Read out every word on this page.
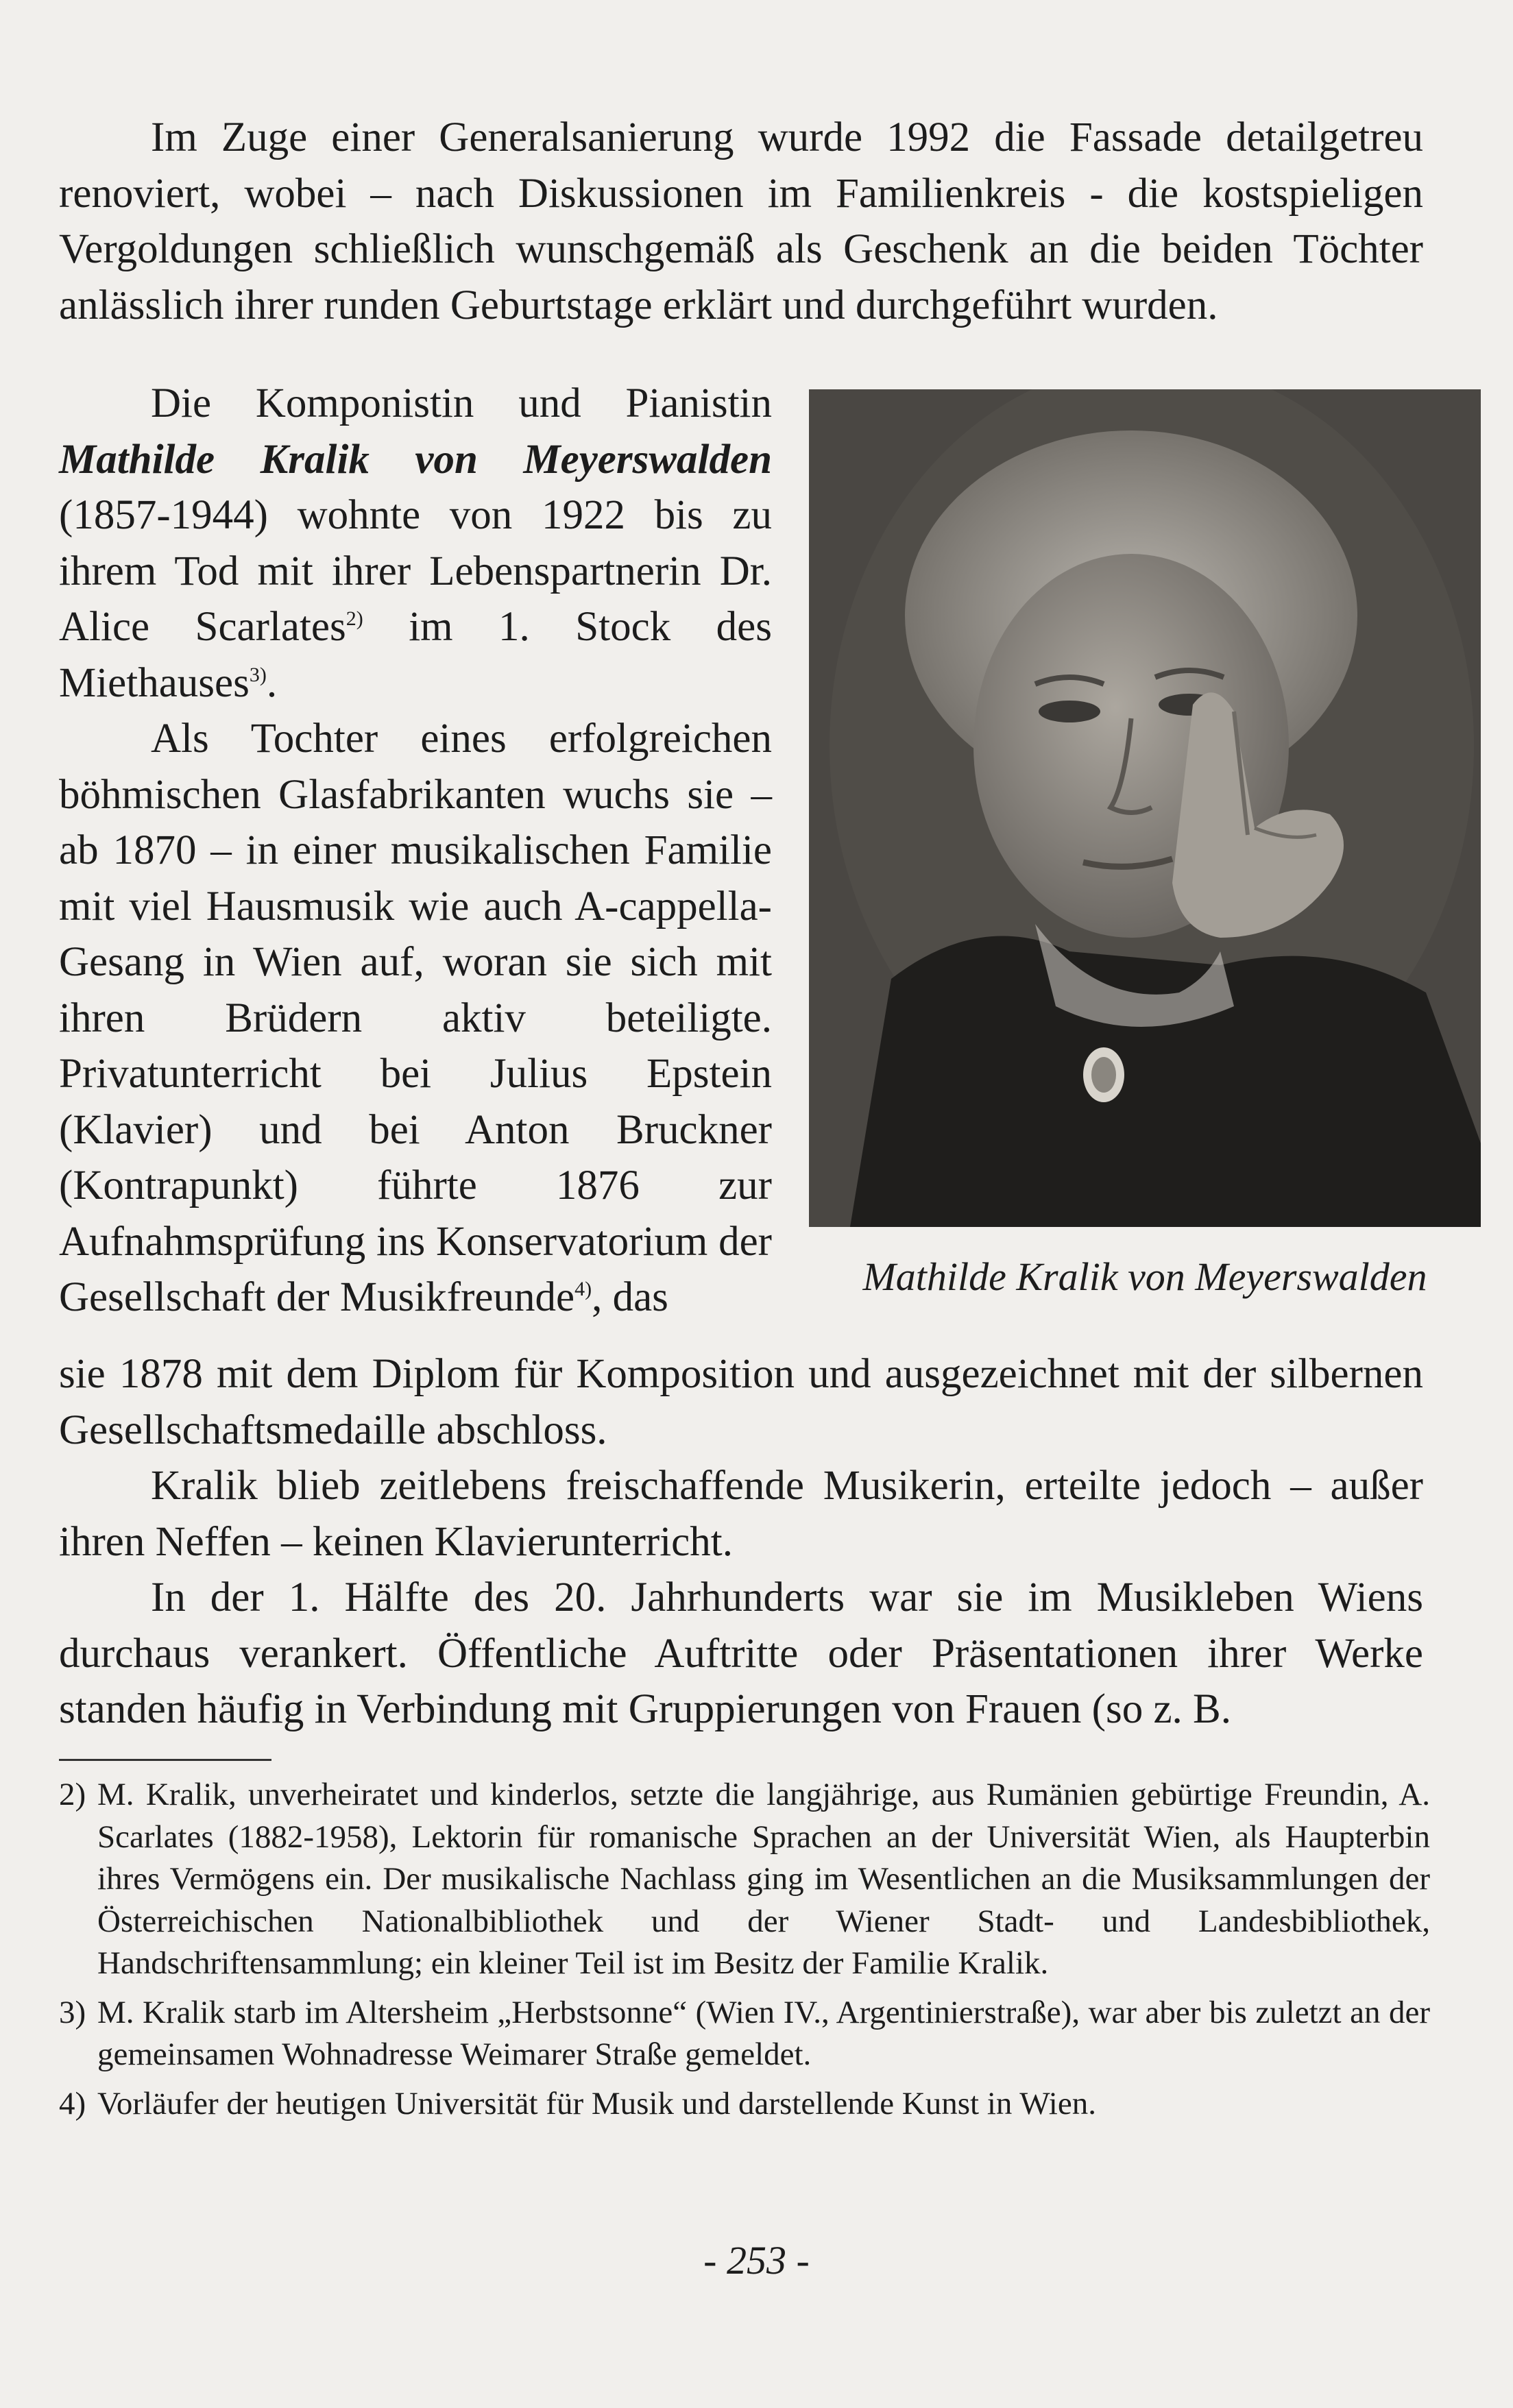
Im Zuge einer Generalsanierung wurde 1992 die Fassade detailgetreu renoviert, wobei – nach Diskussionen im Familienkreis - die kostspieligen Vergoldungen schließlich wunschgemäß als Geschenk an die beiden Töchter anlässlich ihrer runden Geburtstage erklärt und durchgeführt wurden.

Die Komponistin und Pianistin Mathilde Kralik von Meyerswalden (1857-1944) wohnte von 1922 bis zu ihrem Tod mit ihrer Lebenspartnerin Dr. Alice Scarlates$^{2)}$ im 1. Stock des Miethauses$^{3)}$.

Als Tochter eines erfolgreichen böhmischen Glasfabrikanten wuchs sie – ab 1870 – in einer musikalischen Familie mit viel Hausmusik wie auch A-cappella-Gesang in Wien auf, woran sie sich mit ihren Brüdern aktiv beteiligte. Privatunterricht bei Julius Epstein (Klavier) und bei Anton Bruckner (Kontrapunkt) führte 1876 zur Aufnahmsprüfung ins Konservatorium der Gesellschaft der Musikfreunde$^{4)}$, das

sie 1878 mit dem Diplom für Komposition und ausgezeichnet mit der silbernen Gesellschaftsmedaille abschloss.

Kralik blieb zeitlebens freischaffende Musikerin, erteilte jedoch – außer ihren Neffen – keinen Klavierunterricht.

In der 1. Hälfte des 20. Jahrhunderts war sie im Musikleben Wiens durchaus verankert. Öffentliche Auftritte oder Präsentationen ihrer Werke standen häufig in Verbindung mit Gruppierungen von Frauen (so z. B.

Mathilde Kralik von Meyerswalden
2) M. Kralik, unverheiratet und kinderlos, setzte die langjährige, aus Rumänien gebürtige Freundin, A. Scarlates (1882-1958), Lektorin für romanische Sprachen an der Universität Wien, als Haupterbin ihres Vermögens ein. Der musikalische Nachlass ging im Wesentlichen an die Musiksammlungen der Österreichischen Nationalbibliothek und der Wiener Stadt- und Landesbibliothek, Handschriftensammlung; ein kleiner Teil ist im Besitz der Familie Kralik.
3) M. Kralik starb im Altersheim „Herbstsonne“ (Wien IV., Argentinierstraße), war aber bis zuletzt an der gemeinsamen Wohnadresse Weimarer Straße gemeldet.
4) Vorläufer der heutigen Universität für Musik und darstellende Kunst in Wien.
- 253 -
